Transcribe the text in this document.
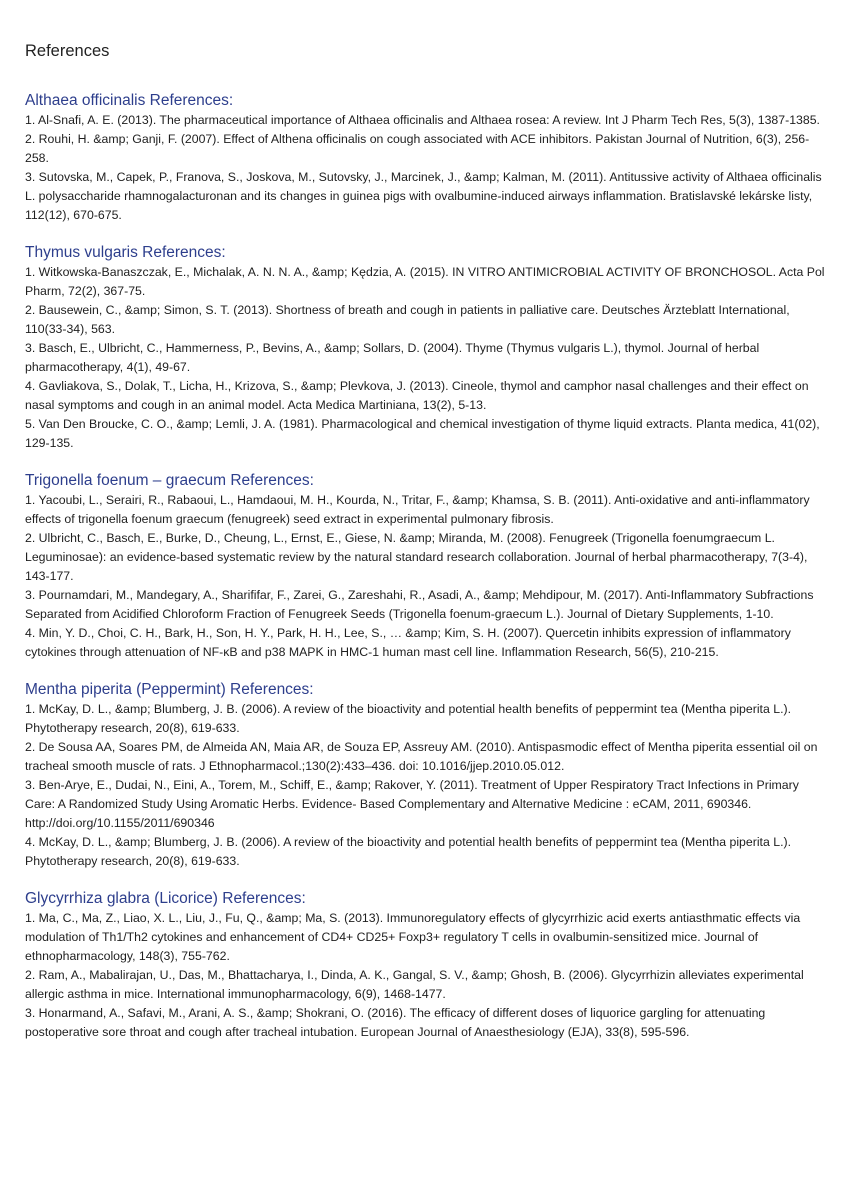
References
Althaea officinalis References:

1. Al-Snafi, A. E. (2013). The pharmaceutical importance of Althaea officinalis and Althaea rosea: A review. Int J Pharm Tech Res, 5(3), 1387-1385.

2. Rouhi, H. &amp; Ganji, F. (2007). Effect of Althena officinalis on cough associated with ACE inhibitors. Pakistan Journal of Nutrition, 6(3), 256-258.

3. Sutovska, M., Capek, P., Franova, S., Joskova, M., Sutovsky, J., Marcinek, J., &amp; Kalman, M. (2011). Antitussive activity of Althaea officinalis L. polysaccharide rhamnogalacturonan and its changes in guinea pigs with ovalbumine-induced airways inflammation. Bratislavské lekárske listy, 112(12), 670-675.

Thymus vulgaris References:

1. Witkowska-Banaszczak, E., Michalak, A. N. N. A., &amp; Kędzia, A. (2015). IN VITRO ANTIMICROBIAL ACTIVITY OF BRONCHOSOL. Acta Pol Pharm, 72(2), 367-75.

2. Bausewein, C., &amp; Simon, S. T. (2013). Shortness of breath and cough in patients in palliative care. Deutsches Ärzteblatt International, 110(33-34), 563.

3. Basch, E., Ulbricht, C., Hammerness, P., Bevins, A., &amp; Sollars, D. (2004). Thyme (Thymus vulgaris L.), thymol. Journal of herbal pharmacotherapy, 4(1), 49-67.

4. Gavliakova, S., Dolak, T., Licha, H., Krizova, S., &amp; Plevkova, J. (2013). Cineole, thymol and camphor nasal challenges and their effect on nasal symptoms and cough in an animal model. Acta Medica Martiniana, 13(2), 5-13.

5. Van Den Broucke, C. O., &amp; Lemli, J. A. (1981). Pharmacological and chemical investigation of thyme liquid extracts. Planta medica, 41(02), 129-135.

Trigonella foenum – graecum References:

1. Yacoubi, L., Serairi, R., Rabaoui, L., Hamdaoui, M. H., Kourda, N., Tritar, F., &amp; Khamsa, S. B. (2011). Anti-oxidative and anti-inflammatory effects of trigonella foenum graecum (fenugreek) seed extract in experimental pulmonary fibrosis.

2. Ulbricht, C., Basch, E., Burke, D., Cheung, L., Ernst, E., Giese, N. &amp; Miranda, M. (2008). Fenugreek (Trigonella foenumgraecum L. Leguminosae): an evidence-based systematic review by the natural standard research collaboration. Journal of herbal pharmacotherapy, 7(3-4), 143-177.

3. Pournamdari, M., Mandegary, A., Sharififar, F., Zarei, G., Zareshahi, R., Asadi, A., &amp; Mehdipour, M. (2017). Anti-Inflammatory Subfractions Separated from Acidified Chloroform Fraction of Fenugreek Seeds (Trigonella foenum-graecum L.). Journal of Dietary Supplements, 1-10.

4. Min, Y. D., Choi, C. H., Bark, H., Son, H. Y., Park, H. H., Lee, S., … &amp; Kim, S. H. (2007). Quercetin inhibits expression of inflammatory cytokines through attenuation of NF-κB and p38 MAPK in HMC-1 human mast cell line. Inflammation Research, 56(5), 210-215.

Mentha piperita (Peppermint) References:

1. McKay, D. L., &amp; Blumberg, J. B. (2006). A review of the bioactivity and potential health benefits of peppermint tea (Mentha piperita L.). Phytotherapy research, 20(8), 619-633.

2. De Sousa AA, Soares PM, de Almeida AN, Maia AR, de Souza EP, Assreuy AM. (2010). Antispasmodic effect of Mentha piperita essential oil on tracheal smooth muscle of rats. J Ethnopharmacol.;130(2):433–436. doi: 10.1016/jjep.2010.05.012.

3. Ben-Arye, E., Dudai, N., Eini, A., Torem, M., Schiff, E., &amp; Rakover, Y. (2011). Treatment of Upper Respiratory Tract Infections in Primary Care: A Randomized Study Using Aromatic Herbs. Evidence- Based Complementary and Alternative Medicine : eCAM, 2011, 690346. http://doi.org/10.1155/2011/690346

4. McKay, D. L., &amp; Blumberg, J. B. (2006). A review of the bioactivity and potential health benefits of peppermint tea (Mentha piperita L.). Phytotherapy research, 20(8), 619-633.

Glycyrrhiza glabra (Licorice) References:

1. Ma, C., Ma, Z., Liao, X. L., Liu, J., Fu, Q., &amp; Ma, S. (2013). Immunoregulatory effects of glycyrrhizic acid exerts antiasthmatic effects via modulation of Th1/Th2 cytokines and enhancement of CD4+ CD25+ Foxp3+ regulatory T cells in ovalbumin-sensitized mice. Journal of ethnopharmacology, 148(3), 755-762.

2. Ram, A., Mabalirajan, U., Das, M., Bhattacharya, I., Dinda, A. K., Gangal, S. V., &amp; Ghosh, B. (2006). Glycyrrhizin alleviates experimental allergic asthma in mice. International immunopharmacology, 6(9), 1468-1477.

3. Honarmand, A., Safavi, M., Arani, A. S., &amp; Shokrani, O. (2016). The efficacy of different doses of liquorice gargling for attenuating postoperative sore throat and cough after tracheal intubation. European Journal of Anaesthesiology (EJA), 33(8), 595-596.
